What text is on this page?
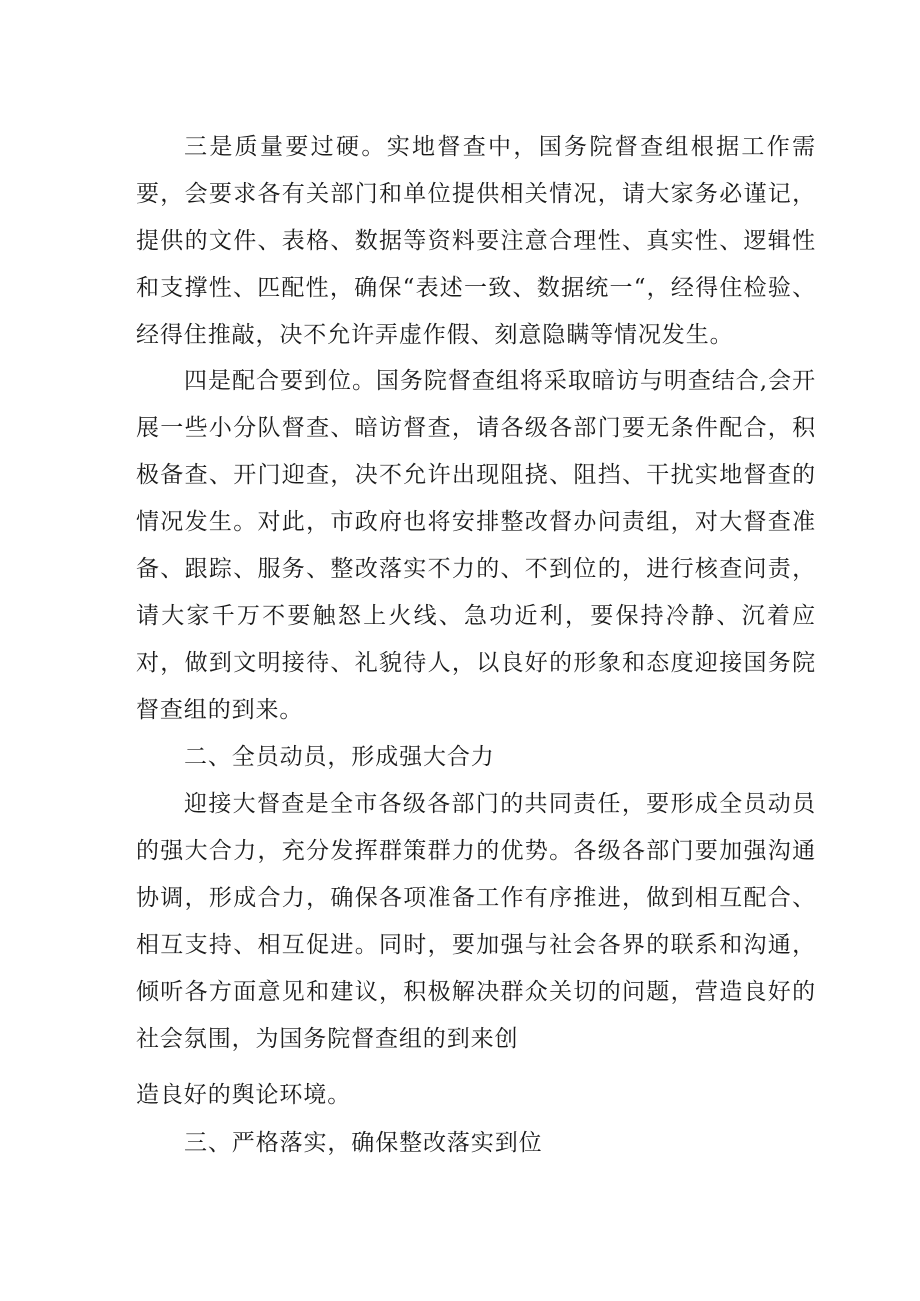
三是质量要过硬。实地督查中，国务院督查组根据工作需要，会要求各有关部门和单位提供相关情况，请大家务必谨记，提供的文件、表格、数据等资料要注意合理性、真实性、逻辑性和支撑性、匹配性，确保“表述一致、数据统一“，经得住检验、经得住推敲，决不允许弄虚作假、刻意隐瞒等情况发生。

四是配合要到位。国务院督查组将采取暗访与明查结合,会开展一些小分队督查、暗访督查，请各级各部门要无条件配合，积极备查、开门迎查，决不允许出现阻挠、阻挡、干扰实地督查的情况发生。对此，市政府也将安排整改督办问责组，对大督查准备、跟踪、服务、整改落实不力的、不到位的，进行核查问责，请大家千万不要触怒上火线、急功近利，要保持冷静、沉着应对，做到文明接待、礼貌待人，以良好的形象和态度迎接国务院督查组的到来。

二、全员动员，形成强大合力

迎接大督查是全市各级各部门的共同责任，要形成全员动员的强大合力，充分发挥群策群力的优势。各级各部门要加强沟通协调，形成合力，确保各项准备工作有序推进，做到相互配合、相互支持、相互促进。同时，要加强与社会各界的联系和沟通，倾听各方面意见和建议，积极解决群众关切的问题，营造良好的社会氛围，为国务院督查组的到来创

造良好的舆论环境。

三、严格落实，确保整改落实到位
